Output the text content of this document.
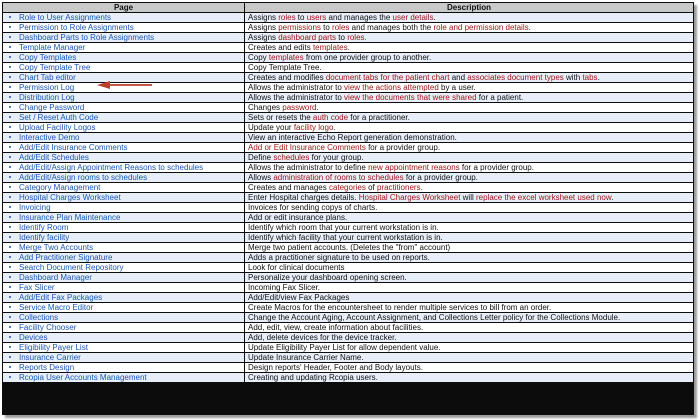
Page	Description
Role to User Assignments	Assigns roles to users and manages the user details.
Permission to Role Assignments	Assigns permissions to roles and manages both the role and permission details.
Dashboard Parts to Role Assignments	Assigns dashboard parts to roles.
Template Manager	Creates and edits templates.
Copy Templates	Copy templates from one provider group to another.
Copy Template Tree	Copy Template Tree.
Chart Tab editor	Creates and modifies document tabs for the patient chart and associates document types with tabs.
Permission Log	Allows the administrator to view the actions attempted by a user.
Distribution Log	Allows the administrator to view the documents that were shared for a patient.
Change Password	Changes password.
Set / Reset Auth Code	Sets or resets the auth code for a practitioner.
Upload Facility Logos	Update your facility logo.
Interactive Demo	View an interactive Echo Report generation demonstration.
Add/Edit Insurance Comments	Add or Edit Insurance Comments for a provider group.
Add/Edit Schedules	Define schedules for your group.
Add/Edit/Assign Appointment Reasons to schedules	Allows the administrator to define new appointment reasons for a provider group.
Add/Edit/Assign rooms to schedules	Allows administration of rooms to schedules for a provider group.
Category Management	Creates and manages categories of practitioners.
Hospital Charges Worksheet	Enter Hospital charges details. Hospital Charges Worksheet will replace the excel worksheet used now.
Invoicing	Invoices for sending copys of charts.
Insurance Plan Maintenance	Add or edit insurance plans.
Identify Room	Identify which room that your current workstation is in.
Identify facility	Identify which facility that your current workstation is in.
Merge Two Accounts	Merge two patient accounts. (Deletes the "from" account)
Add Practitioner Signature	Adds a practitioner signature to be used on reports.
Search Document Repository	Look for clinical documents
Dashboard Manager	Personalize your dashboard opening screen.
Fax Slicer	Incoming Fax Slicer.
Add/Edit Fax Packages	Add/Edit/view Fax Packages
Service Macro Editor	Create Macros for the encountersheet to render multiple services to bill from an order.
Collections	Change the Account Aging, Account Assignment, and Collections Letter policy for the Collections Module.
Facility Chooser	Add, edit, view, create information about facilities.
Devices	Add, delete devices for the device tracker.
Eligibility Payer List	Update Eligibility Payer List for allow dependent value.
Insurance Carrier	Update Insurance Carrier Name.
Reports Design	Design reports' Header, Footer and Body layouts.
Rcopia User Accounts Management	Creating and updating Rcopia users.
